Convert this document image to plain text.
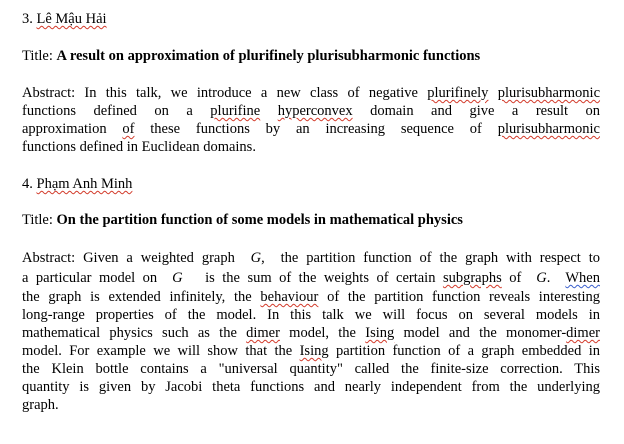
3. Lê Mậu Hải
Title: A result on approximation of plurifinely plurisubharmonic functions
Abstract: In this talk, we introduce a new class of negative plurifinely plurisubharmonic
functions defined on a plurifine hyperconvex domain and give a result on
approximation of these functions by an increasing sequence of plurisubharmonic
functions defined in Euclidean domains.
4. Phạm Anh Minh
Title: On the partition function of some models in mathematical physics
Abstract: Given a weighted graph  G,  the partition function of the graph with respect to
a particular model on  G   is the sum of the weights of certain subgraphs of  G.  When
the graph is extended infinitely, the behaviour of the partition function reveals interesting
long-range properties of the model. In this talk we will focus on several models in
mathematical physics such as the dimer model, the Ising model and the monomer-dimer
model. For example we will show that the Ising partition function of a graph embedded in
the Klein bottle contains a "universal quantity" called the finite-size correction. This
quantity is given by Jacobi theta functions and nearly independent from the underlying
graph.
